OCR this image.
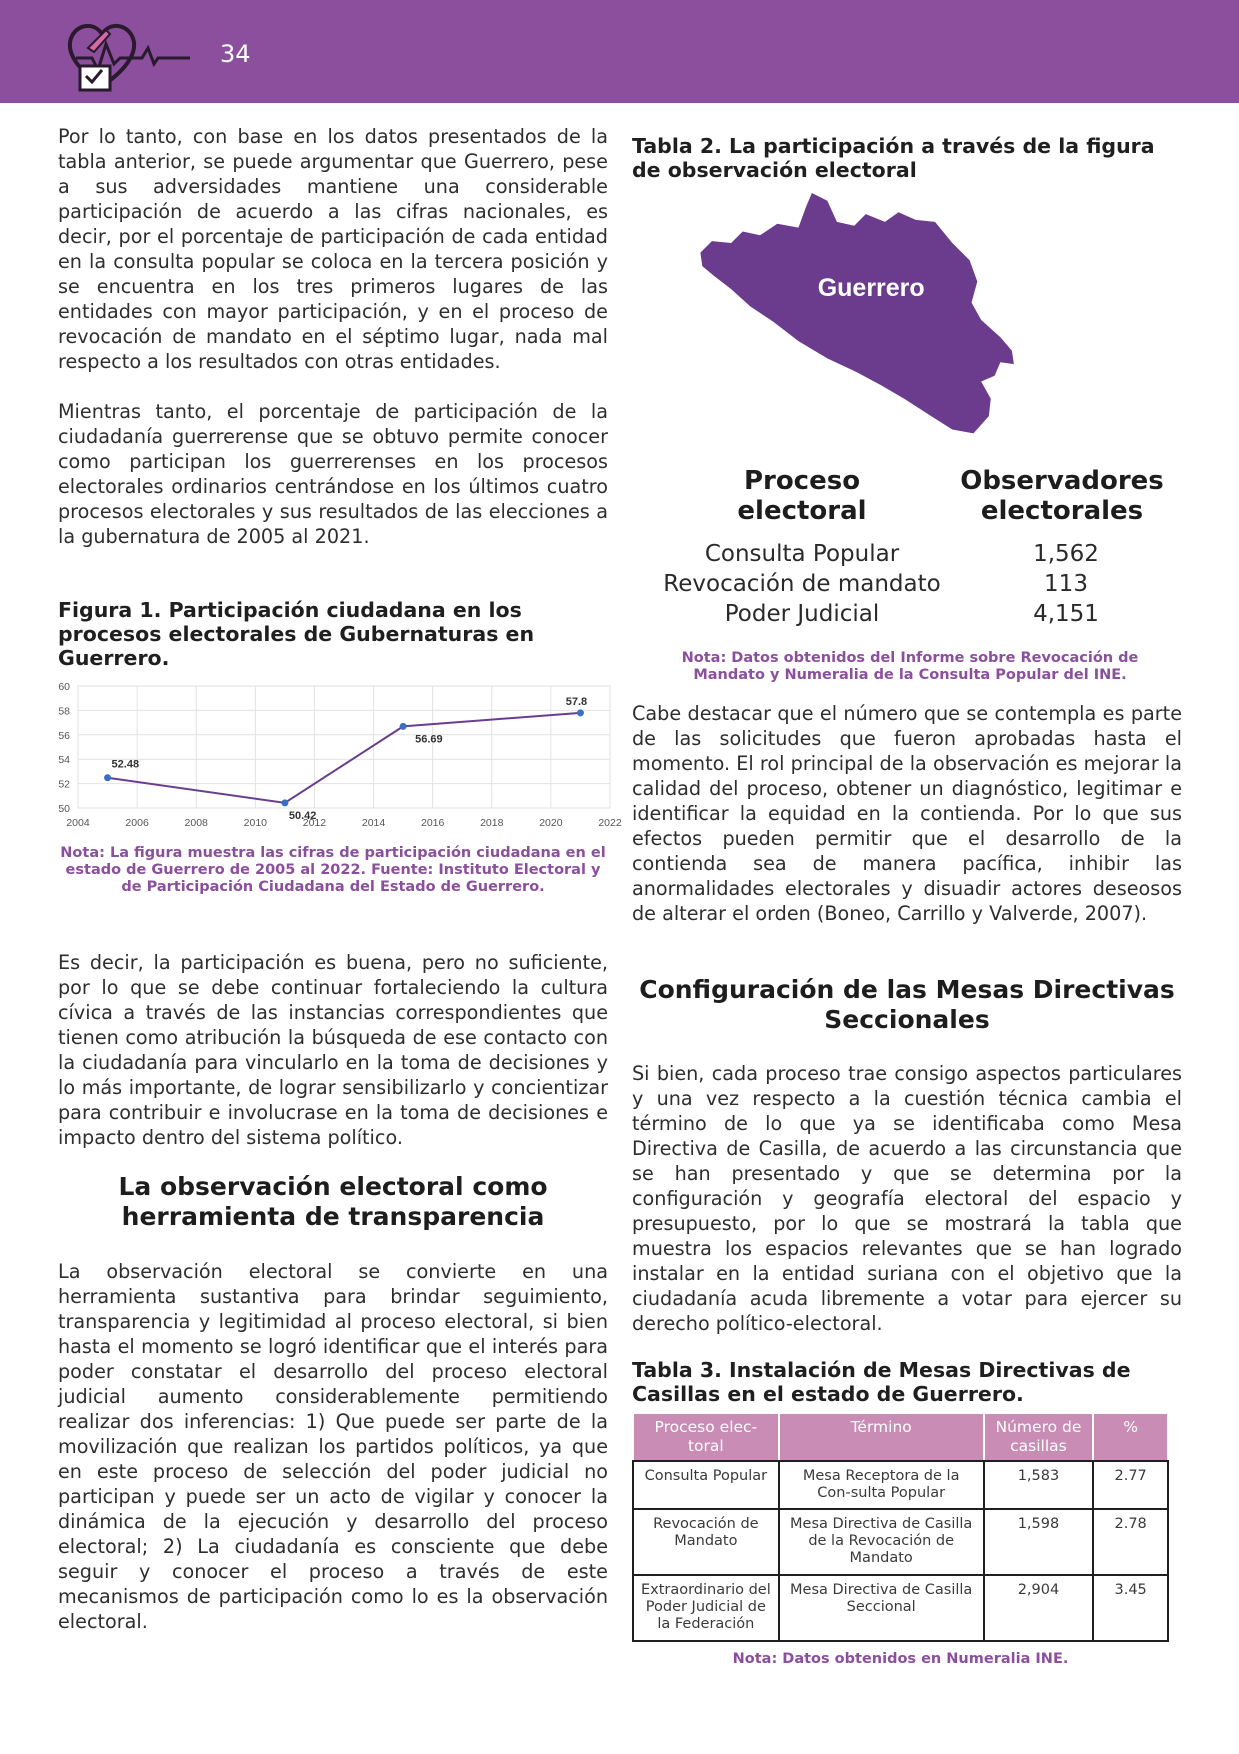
34

Por lo tanto, con base en los datos presentados de la tabla anterior, se puede argumentar que Guerrero, pese a sus adversidades mantiene una considerable participación de acuerdo a las cifras nacionales, es decir, por el porcentaje de participación de cada entidad en la consulta popular se coloca en la tercera posición y se encuentra en los tres primeros lugares de las entidades con mayor participación, y en el proceso de revocación de mandato en el séptimo lugar, nada mal respecto a los resultados con otras entidades.

Mientras tanto, el porcentaje de participación de la ciudadanía guerrerense que se obtuvo permite conocer como participan los guerrerenses en los procesos electorales ordinarios centrándose en los últimos cuatro procesos electorales y sus resultados de las elecciones a la gubernatura de 2005 al 2021.

Figura 1. Participación ciudadana en los procesos electorales de Gubernaturas en Guerrero.
50
52
54
56
58
60
2004	2006	2008	2010	2012	2014	2016	2018	2020	2022
52.48
50.42
56.69
57.8
Nota: La figura muestra las cifras de participación ciudadana en el estado de Guerrero de 2005 al 2022. Fuente: Instituto Electoral y de Participación Ciudadana del Estado de Guerrero.

Es decir, la participación es buena, pero no suficiente, por lo que se debe continuar fortaleciendo la cultura cívica a través de las instancias correspondientes que tienen como atribución la búsqueda de ese contacto con la ciudadanía para vincularlo en la toma de decisiones y lo más importante, de lograr sensibilizarlo y concientizar para contribuir e involucrase en la toma de decisiones e impacto dentro del sistema político.

La observación electoral como herramienta de transparencia

La observación electoral se convierte en una herramienta sustantiva para brindar seguimiento, transparencia y legitimidad al proceso electoral, si bien hasta el momento se logró identificar que el interés para poder constatar el desarrollo del proceso electoral judicial aumento considerablemente permitiendo realizar dos inferencias: 1) Que puede ser parte de la movilización que realizan los partidos políticos, ya que en este proceso de selección del poder judicial no participan y puede ser un acto de vigilar y conocer la dinámica de la ejecución y desarrollo del proceso electoral; 2) La ciudadanía es consciente que debe seguir y conocer el proceso a través de este mecanismos de participación como lo es la observación electoral.

Tabla 2. La participación a través de la figura de observación electoral
Guerrero
Proceso electoral
Observadores electorales
Consulta Popular	1,562
Revocación de mandato	113
Poder Judicial	4,151
Nota: Datos obtenidos del Informe sobre Revocación de Mandato y Numeralia de la Consulta Popular del INE.

Cabe destacar que el número que se contempla es parte de las solicitudes que fueron aprobadas hasta el momento. El rol principal de la observación es mejorar la calidad del proceso, obtener un diagnóstico, legitimar e identificar la equidad en la contienda. Por lo que sus efectos pueden permitir que el desarrollo de la contienda sea de manera pacífica, inhibir las anormalidades electorales y disuadir actores deseosos de alterar el orden (Boneo, Carrillo y Valverde, 2007).

Configuración de las Mesas Directivas Seccionales

Si bien, cada proceso trae consigo aspectos particulares y una vez respecto a la cuestión técnica cambia el término de lo que ya se identificaba como Mesa Directiva de Casilla, de acuerdo a las circunstancia que se han presentado y que se determina por la configuración y geografía electoral del espacio y presupuesto, por lo que se mostrará la tabla que muestra los espacios relevantes que se han logrado instalar en la entidad suriana con el objetivo que la ciudadanía acuda libremente a votar para ejercer su derecho político-electoral.

Tabla 3. Instalación de Mesas Directivas de Casillas en el estado de Guerrero.
Proceso elec-toral	Término	Número de casillas	%
Consulta Popular	Mesa Receptora de la Con-sulta Popular	1,583	2.77
Revocación de Mandato	Mesa Directiva de Casilla de la Revocación de Mandato	1,598	2.78
Extraordinario del Poder Judicial de la Federación	Mesa Directiva de Casilla Seccional	2,904	3.45
Nota: Datos obtenidos en Numeralia INE.
